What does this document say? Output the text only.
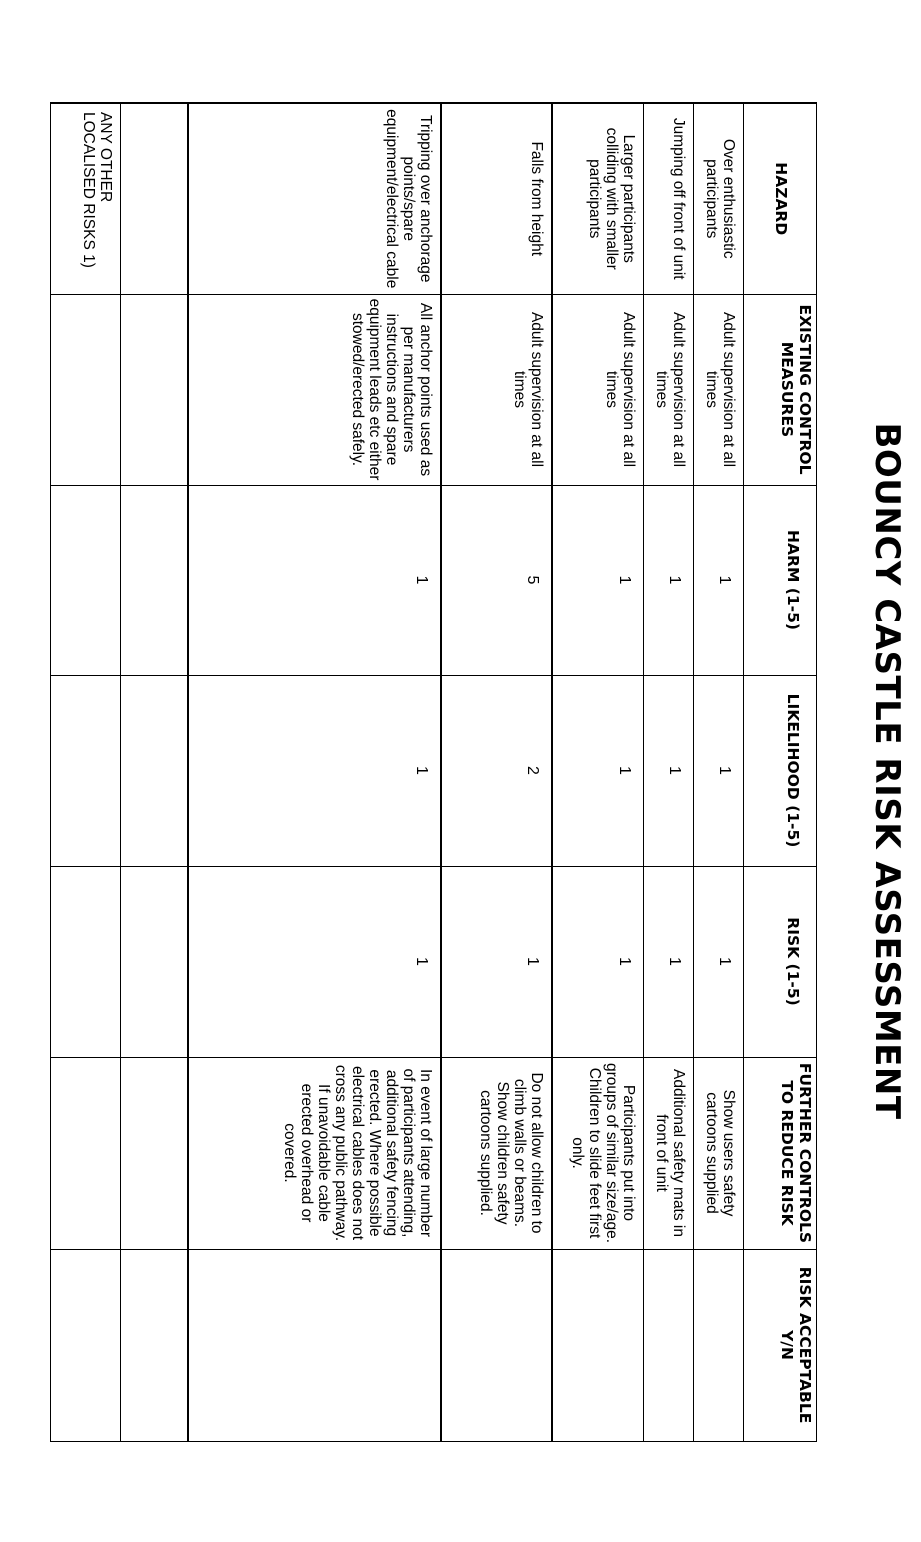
BOUNCY CASTLE RISK ASSESSMENT
HAZARD	EXISTING CONTROL MEASURES	HARM (1-5)	LIKELIHOOD (1-5)	RISK (1-5)	FURTHER CONTROLS TO REDUCE RISK	RISK ACCEPTABLE Y/N
Over enthusiastic participants	Adult supervision at all times	1	1	1	Show users safety cartoons supplied	
Jumping off front of unit	Adult supervision at all times	1	1	1	Additional safety mats in front of unit	
Larger participants colliding with smaller participants	Adult supervision at all times	1	1	1	Participants put into groups of similar size/age. Children to slide feet first only.	
Falls from height	Adult supervision at all times	5	2	1	Do not allow children to climb walls or beams. Show children safety cartoons supplied.	
Tripping over anchorage points/spare equipment/electrical cable	All anchor points used as per manufacturers instructions and spare equipment leads etc either stowed/erected safely.	1	1	1	In event of large number of participants attending, additional safety fencing erected. Where possible electrical cables does not cross any public pathway. If unavoidable cable erected overhead or covered.	

ANY OTHER LOCALISED RISKS 1)						
